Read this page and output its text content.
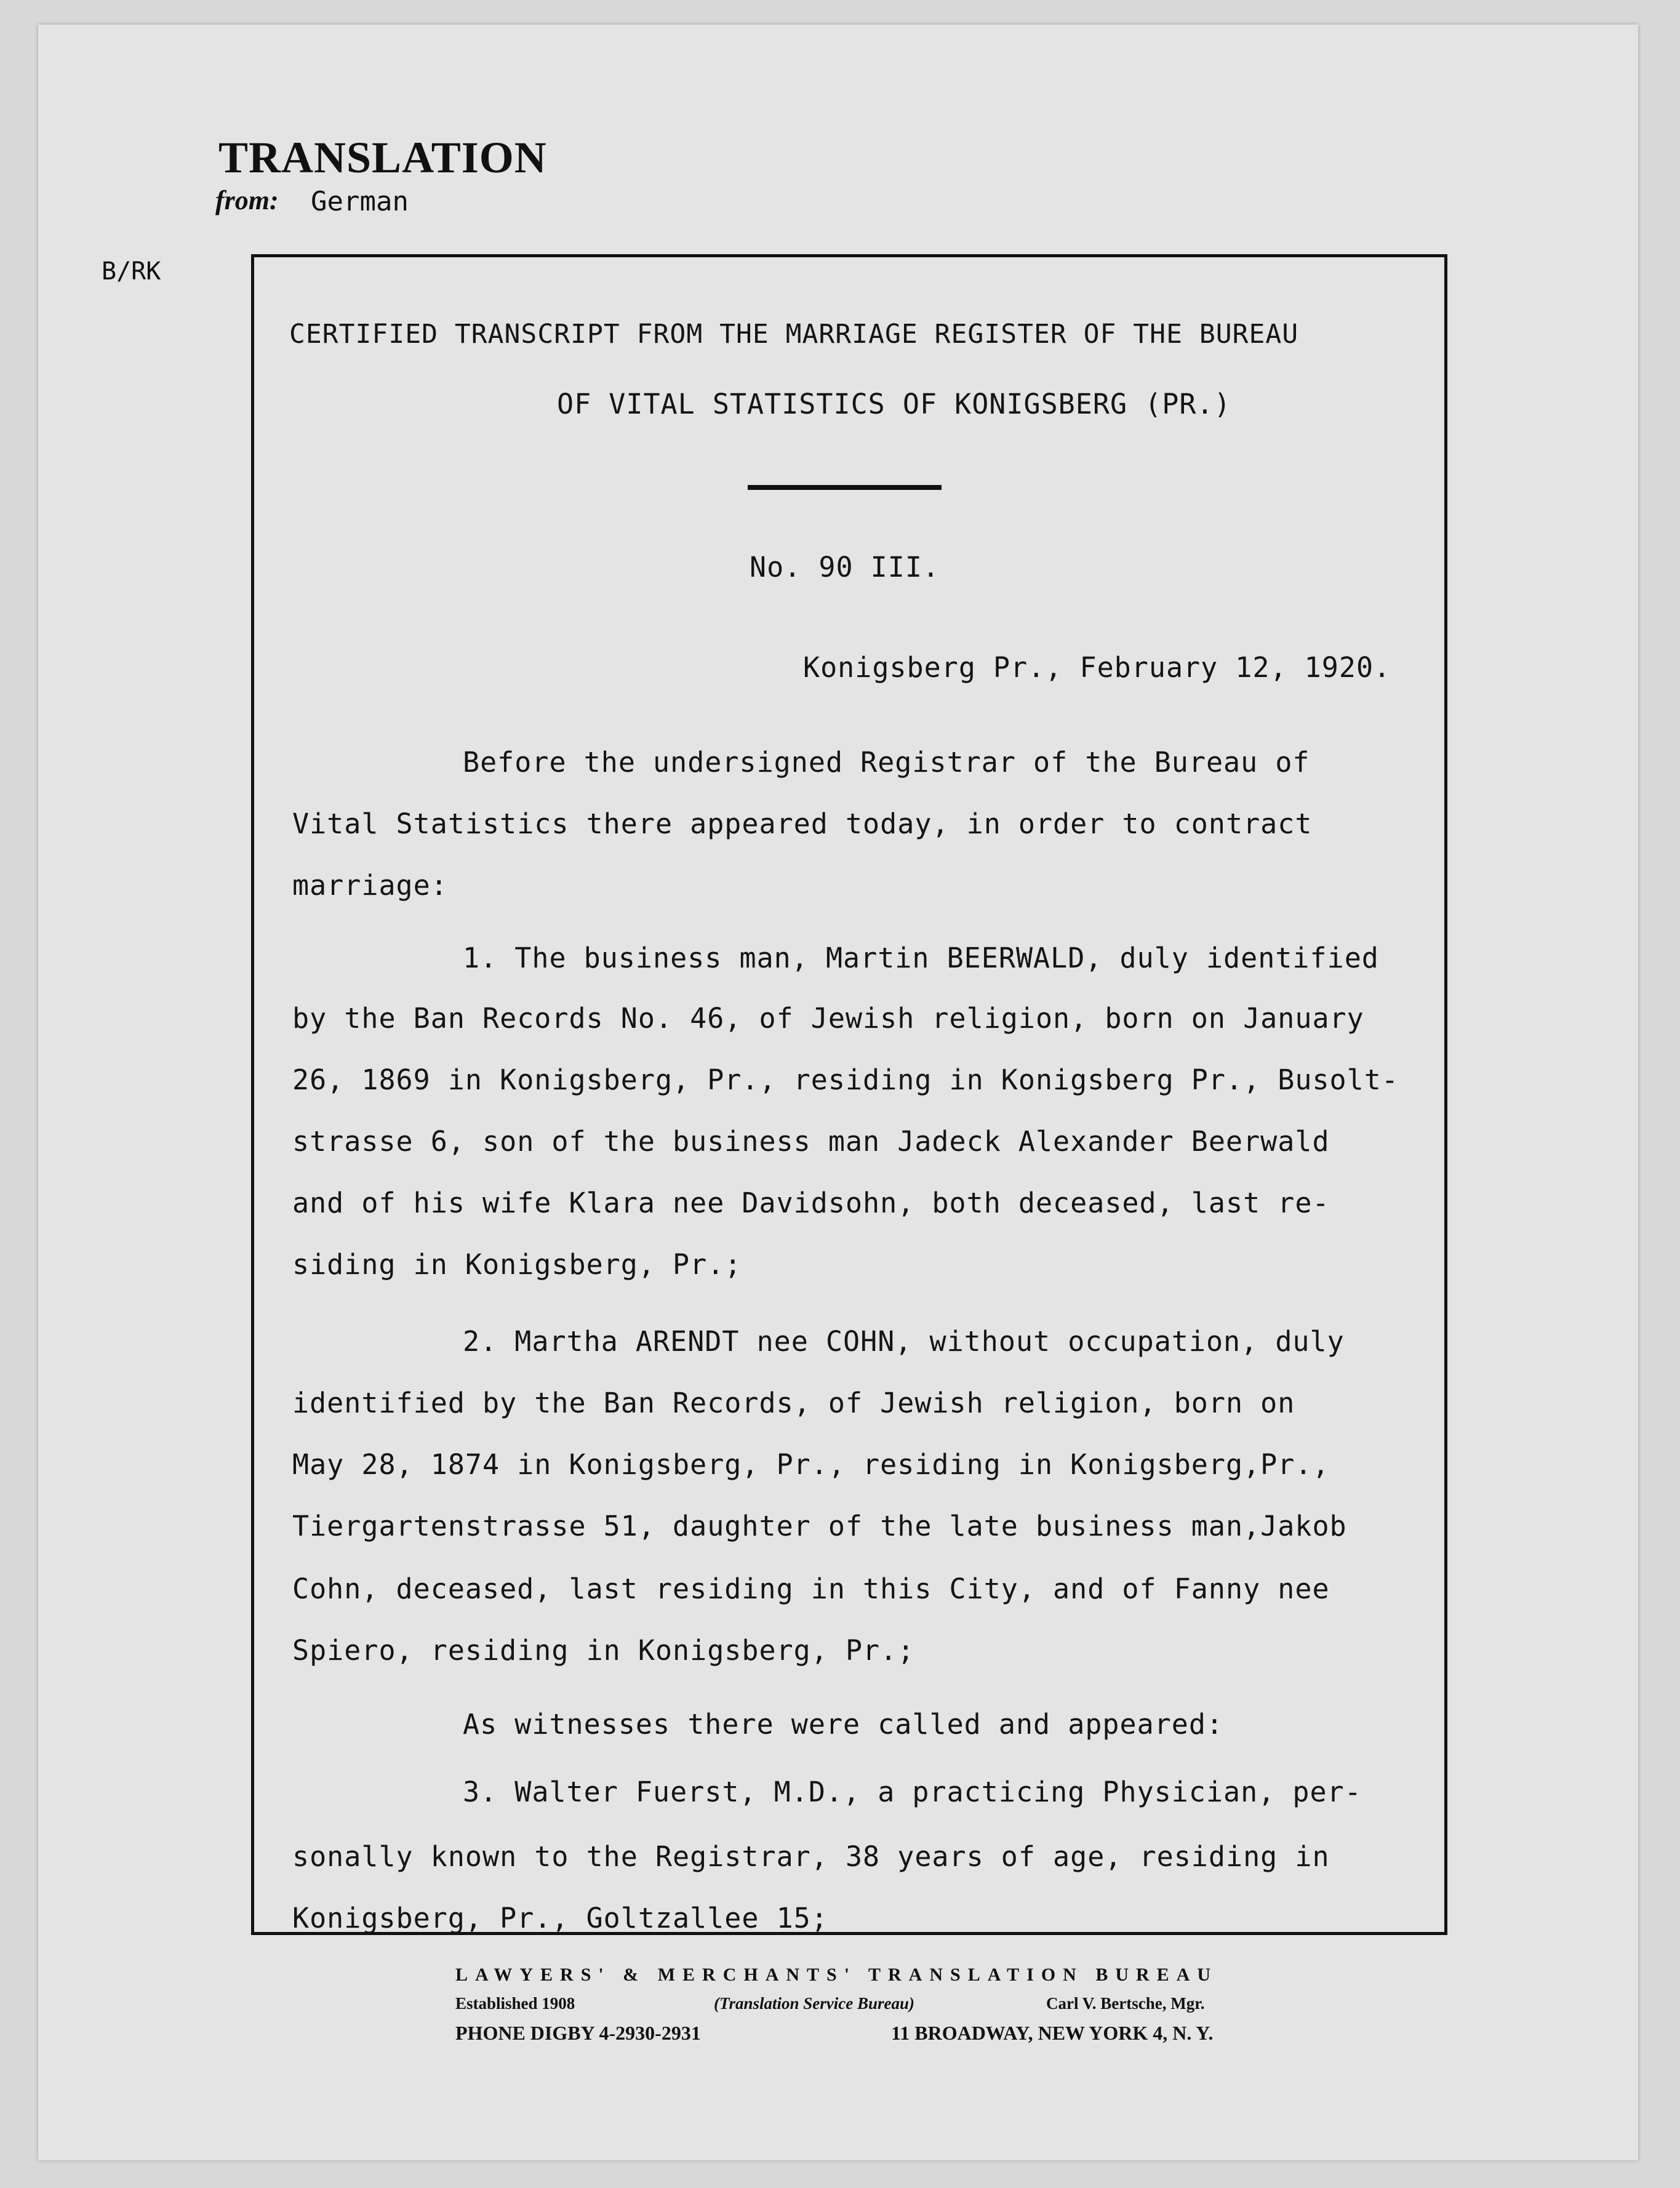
TRANSLATION
from: German
B/RK
CERTIFIED TRANSCRIPT FROM THE MARRIAGE REGISTER OF THE BUREAU
OF VITAL STATISTICS OF KONIGSBERG (PR.)
No. 90 III.
Konigsberg Pr., February 12, 1920.
Before the undersigned Registrar of the Bureau of
Vital Statistics there appeared today, in order to contract
marriage:
1. The business man, Martin BEERWALD, duly identified
by the Ban Records No. 46, of Jewish religion, born on January
26, 1869 in Konigsberg, Pr., residing in Konigsberg Pr., Busolt-
strasse 6, son of the business man Jadeck Alexander Beerwald
and of his wife Klara nee Davidsohn, both deceased, last re-
siding in Konigsberg, Pr.;
2. Martha ARENDT nee COHN, without occupation, duly
identified by the Ban Records, of Jewish religion, born on
May 28, 1874 in Konigsberg, Pr., residing in Konigsberg,Pr.,
Tiergartenstrasse 51, daughter of the late business man,Jakob
Cohn, deceased, last residing in this City, and of Fanny nee
Spiero, residing in Konigsberg, Pr.;
As witnesses there were called and appeared:
3. Walter Fuerst, M.D., a practicing Physician, per-
sonally known to the Registrar, 38 years of age, residing in
Konigsberg, Pr., Goltzallee 15;
LAWYERS' & MERCHANTS' TRANSLATION BUREAU
Established 1908	(Translation Service Bureau)	Carl V. Bertsche, Mgr.
PHONE DIGBY 4-2930-2931	11 BROADWAY, NEW YORK 4, N. Y.
